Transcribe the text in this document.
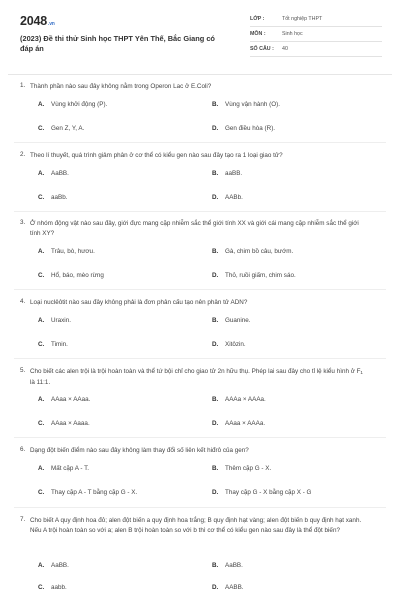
2048.vn
(2023) Đề thi thử Sinh học THPT Yên Thế, Bắc Giang có đáp án
LỚP :	Tốt nghiệp THPT
MÔN :	Sinh học
SỐ CÂU :	40
1. Thành phần nào sau đây không nằm trong Operon Lac ở E.Coli?
A. Vùng khởi động (P).	B. Vùng vận hành (O).
C. Gen Z, Y, A.	D. Gen điều hòa (R).
2. Theo lí thuyết, quá trình giảm phân ở cơ thể có kiểu gen nào sau đây tạo ra 1 loại giao tử?
A. AaBB.	B. aaBB.
C. aaBb.	D. AABb.
3. Ở nhóm động vật nào sau đây, giới đực mang cặp nhiễm sắc thể giới tính XX và giới cái mang cặp nhiễm sắc thể giới tính XY?
A. Trâu, bò, hươu.	B. Gà, chim bồ câu, bướm.
C. Hổ, báo, mèo rừng	D. Thỏ, ruồi giấm, chim sáo.
4. Loại nuclêôtit nào sau đây không phải là đơn phân cấu tạo nên phân tử ADN?
A. Uraxin.	B. Guanine.
C. Timin.	D. Xitôzin.
5. Cho biết các alen trội là trội hoàn toàn và thể tứ bội chỉ cho giao tử 2n hữu thụ. Phép lai sau đây cho tỉ lệ kiểu hình ở $F_1$ là 11:1.
A. AAaa × AAaa.	B. AAAa × AAAa.
C. AAaa × Aaaa.	D. AAaa × AAAa.
6. Dạng đột biến điểm nào sau đây không làm thay đổi số liên kết hiđrô của gen?
A. Mất cặp A - T.	B. Thêm cặp G - X.
C. Thay cặp A - T bằng cặp G - X.	D. Thay cặp G - X bằng cặp X - G
7. Cho biết A quy định hoa đỏ; alen đột biến a quy định hoa trắng; B quy định hạt vàng; alen đột biến b quy định hạt xanh. Nếu A trội hoàn toàn so với a; alen B trội hoàn toàn so với b thì cơ thể có kiểu gen nào sau đây là thể đột biến?
A. AaBB.	B. AaBB.
C. aabb.	D. AABB.
